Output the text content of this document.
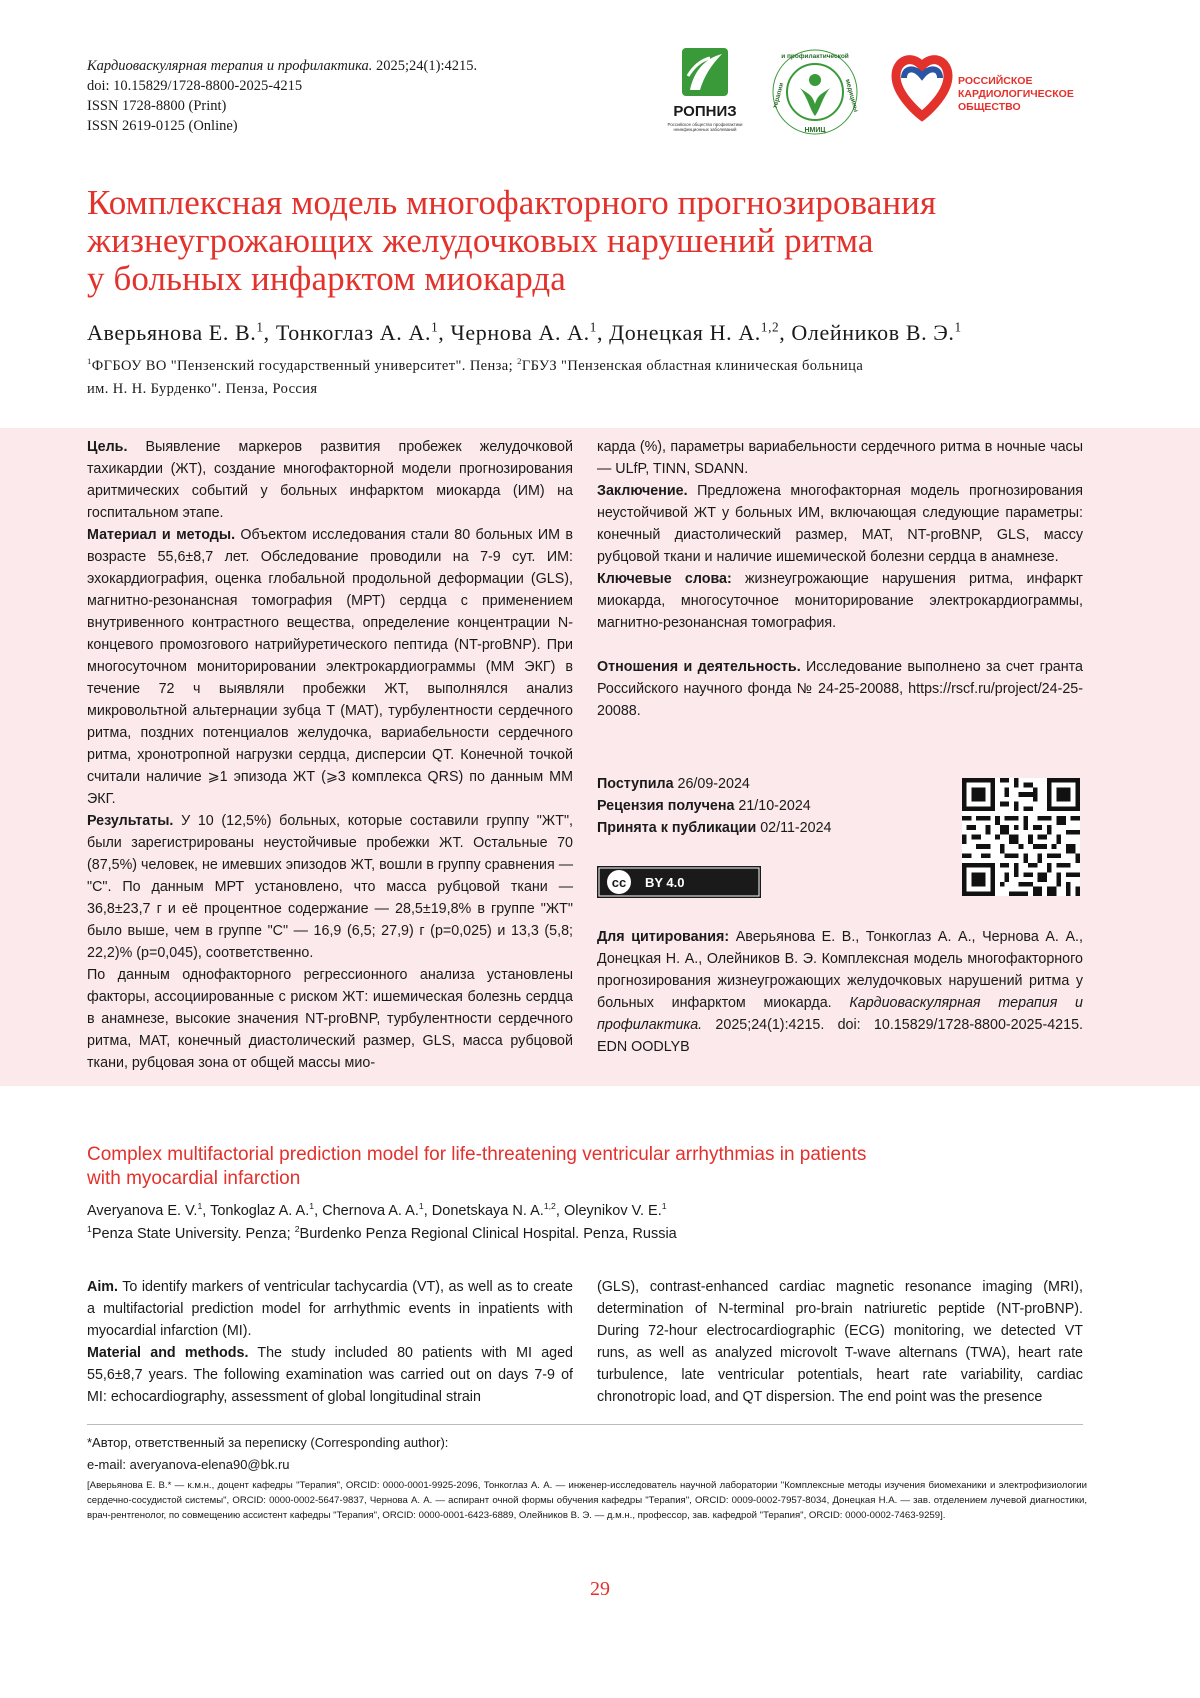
Кардиоваскулярная терапия и профилактика. 2025;24(1):4215.
doi: 10.15829/1728-8800-2025-4215
ISSN 1728-8800 (Print)
ISSN 2619-0125 (Online)
РОПНИЗ
Российское общество профилактики
неинфекционных заболеваний
и профилактической
терапии	медицины
НМИЦ
РОССИЙСКОЕ
КАРДИОЛОГИЧЕСКОЕ
ОБЩЕСТВО
Комплексная модель многофакторного прогнозирования
жизнеугрожающих желудочковых нарушений ритма
у больных инфарктом миокарда
Аверьянова Е. В.1, Тонкоглаз А. А.1, Чернова А. А.1, Донецкая Н. А.1,2, Олейников В. Э.1
1ФГБОУ ВО "Пензенский государственный университет". Пенза; 2ГБУЗ "Пензенская областная клиническая больница
им. Н. Н. Бурденко". Пенза, Россия

Цель. Выявление маркеров развития пробежек желудочковой тахикардии (ЖТ), создание многофакторной модели прогнозирования аритмических событий у больных инфарктом миокарда (ИМ) на госпитальном этапе.

Материал и методы. Объектом исследования стали 80 больных ИМ в возрасте 55,6±8,7 лет. Обследование проводили на 7-9 сут. ИМ: эхокардиография, оценка глобальной продольной деформации (GLS), магнитно-резонансная томография (МРТ) сердца с применением внутривенного контрастного вещества, определение концентрации N-концевого промозгового натрийуретического пептида (NT-proBNP). При многосуточном мониторировании электрокардиограммы (ММ ЭКГ) в течение 72 ч выявляли пробежки ЖТ, выполнялся анализ микровольтной альтернации зубца T (МАТ), турбулентности сердечного ритма, поздних потенциалов желудочка, вариабельности сердечного ритма, хронотропной нагрузки сердца, дисперсии QT. Конечной точкой считали наличие ⩾1 эпизода ЖТ (⩾3 комплекса QRS) по данным ММ ЭКГ.

Результаты. У 10 (12,5%) больных, которые составили группу "ЖТ", были зарегистрированы неустойчивые пробежки ЖТ. Остальные 70 (87,5%) человек, не имевших эпизодов ЖТ, вошли в группу сравнения — "С". По данным МРТ установлено, что масса рубцовой ткани — 36,8±23,7 г и её процентное содержание — 28,5±19,8% в группе "ЖТ" было выше, чем в группе "С" — 16,9 (6,5; 27,9) г (p=0,025) и 13,3 (5,8; 22,2)% (p=0,045), соответственно.

По данным однофакторного регрессионного анализа установлены факторы, ассоциированные с риском ЖТ: ишемическая болезнь сердца в анамнезе, высокие значения NT-proBNP, турбулентности сердечного ритма, МАТ, конечный диастолический размер, GLS, масса рубцовой ткани, рубцовая зона от общей массы мио-

карда (%), параметры вариабельности сердечного ритма в ночные часы — ULfP, TINN, SDANN.

Заключение. Предложена многофакторная модель прогнозирования неустойчивой ЖТ у больных ИМ, включающая следующие параметры: конечный диастолический размер, МАТ, NT-proBNP, GLS, массу рубцовой ткани и наличие ишемической болезни сердца в анамнезе.

Ключевые слова: жизнеугрожающие нарушения ритма, инфаркт миокарда, многосуточное мониторирование электрокардиограммы, магнитно-резонансная томография.

Отношения и деятельность. Исследование выполнено за счет гранта Российского научного фонда № 24-25-20088, https://rscf.ru/project/24-25-20088.

Поступила 26/09-2024
Рецензия получена 21/10-2024
Принята к публикации 02/11-2024
cc BY 4.0
Для цитирования: Аверьянова Е. В., Тонкоглаз А. А., Чернова А. А., Донецкая Н. А., Олейников В. Э. Комплексная модель многофакторного прогнозирования жизнеугрожающих желудочковых нарушений ритма у больных инфарктом миокарда. Кардиоваскулярная терапия и профилактика. 2025;24(1):4215. doi: 10.15829/1728-8800-2025-4215. EDN OODLYB
Complex multifactorial prediction model for life-threatening ventricular arrhythmias in patients
with myocardial infarction
Averyanova E. V.1, Tonkoglaz A. A.1, Chernova A. A.1, Donetskaya N. A.1,2, Oleynikov V. E.1
1Penza State University. Penza; 2Burdenko Penza Regional Clinical Hospital. Penza, Russia

Aim. To identify markers of ventricular tachycardia (VT), as well as to create a multifactorial prediction model for arrhythmic events in inpatients with myocardial infarction (MI).

Material and methods. The study included 80 patients with MI aged 55,6±8,7 years. The following examination was carried out on days 7-9 of MI: echocardiography, assessment of global longitudinal strain

(GLS), contrast-enhanced cardiac magnetic resonance imaging (MRI), determination of N-terminal pro-brain natriuretic peptide (NT-proBNP). During 72-hour electrocardiographic (ECG) monitoring, we detected VT runs, as well as analyzed microvolt T-wave alternans (TWA), heart rate turbulence, late ventricular potentials, heart rate variability, cardiac chronotropic load, and QT dispersion. The end point was the presence

*Автор, ответственный за переписку (Corresponding author):
e-mail: averyanova-elena90@bk.ru
[Аверьянова Е. В.* — к.м.н., доцент кафедры "Терапия", ORCID: 0000-0001-9925-2096, Тонкоглаз А. А. — инженер-исследователь научной лаборатории "Комплексные методы изучения биомеханики и электрофизиологии сердечно-сосудистой системы", ORCID: 0000-0002-5647-9837, Чернова А. А. — аспирант очной формы обучения кафедры "Терапия", ORCID: 0009-0002-7957-8034, Донецкая Н.А. — зав. отделением лучевой диагностики, врач-рентгенолог, по совмещению ассистент кафедры "Терапия", ORCID: 0000-0001-6423-6889, Олейников В. Э. — д.м.н., профессор, зав. кафедрой "Терапия", ORCID: 0000-0002-7463-9259].
29
